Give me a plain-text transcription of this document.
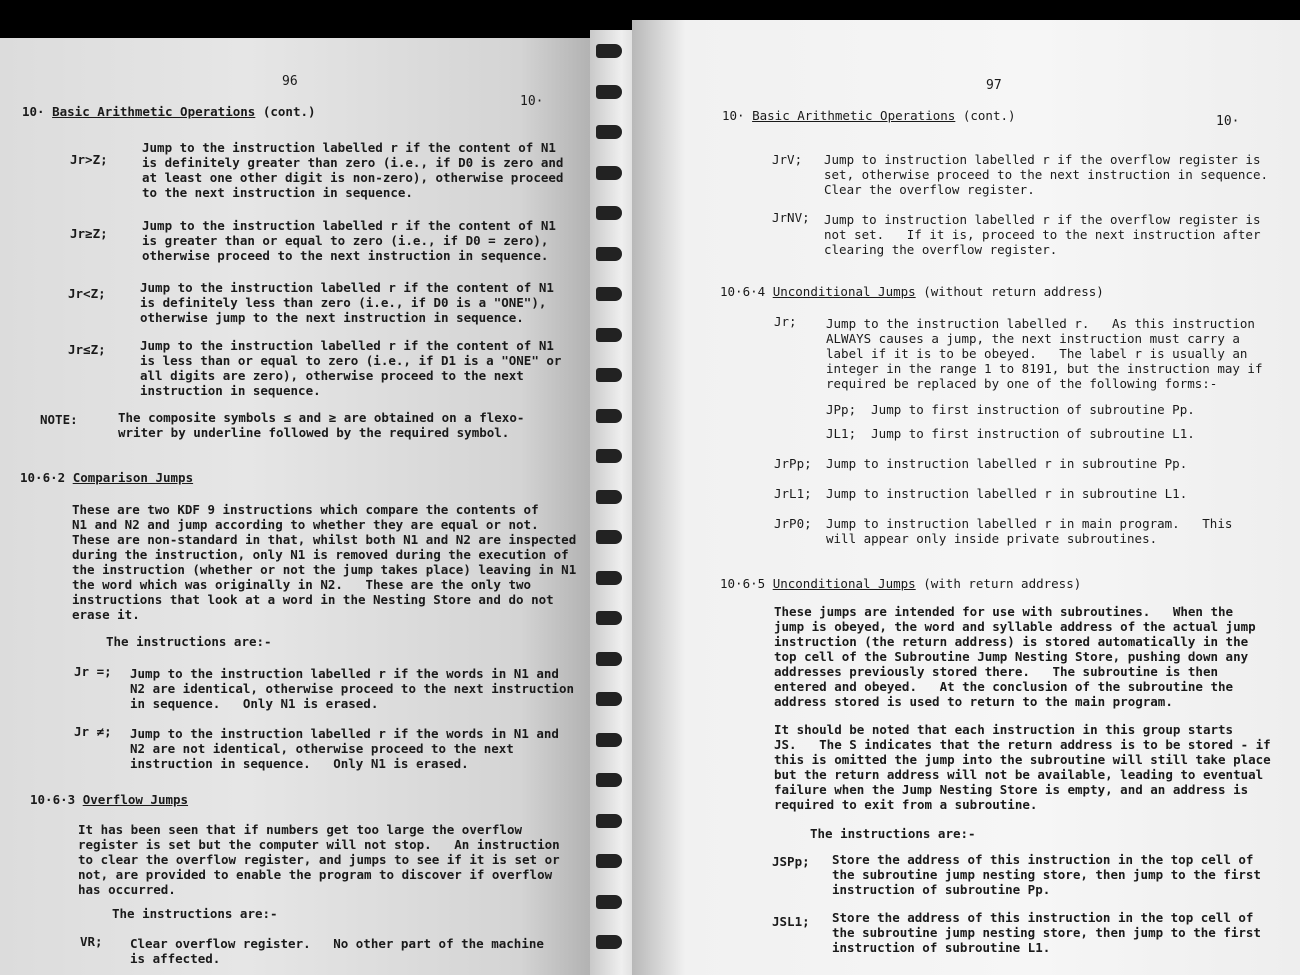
96
10·
10· Basic Arithmetic Operations (cont.)
Jr>Z;
Jump to the instruction labelled r if the content of N1
is definitely greater than zero (i.e., if D0 is zero and
at least one other digit is non-zero), otherwise proceed
to the next instruction in sequence.
Jr≥Z;
Jump to the instruction labelled r if the content of N1
is greater than or equal to zero (i.e., if D0 = zero),
otherwise proceed to the next instruction in sequence.
Jr<Z;	Jump to the instruction labelled r if the content of N1
is definitely less than zero (i.e., if D0 is a "ONE"),
otherwise jump to the next instruction in sequence.
Jr≤Z;	Jump to the instruction labelled r if the content of N1
is less than or equal to zero (i.e., if D1 is a "ONE" or
all digits are zero), otherwise proceed to the next
instruction in sequence.
NOTE:	The composite symbols ≤ and ≥ are obtained on a flexo-
writer by underline followed by the required symbol.
10·6·2 Comparison Jumps
These are two KDF 9 instructions which compare the contents of
N1 and N2 and jump according to whether they are equal or not.
These are non-standard in that, whilst both N1 and N2 are inspected
during the instruction, only N1 is removed during the execution of
the instruction (whether or not the jump takes place) leaving in N1
the word which was originally in N2.   These are the only two
instructions that look at a word in the Nesting Store and do not
erase it.
The instructions are:-
Jr =; Jump to the instruction labelled r if the words in N1 and
N2 are identical, otherwise proceed to the next instruction
in sequence.   Only N1 is erased.
Jr ≠; Jump to the instruction labelled r if the words in N1 and
N2 are not identical, otherwise proceed to the next
instruction in sequence.   Only N1 is erased.
10·6·3 Overflow Jumps
It has been seen that if numbers get too large the overflow
register is set but the computer will not stop.   An instruction
to clear the overflow register, and jumps to see if it is set or
not, are provided to enable the program to discover if overflow
has occurred.
The instructions are:-
VR; Clear overflow register.   No other part of the machine
is affected.
97
10·
10· Basic Arithmetic Operations (cont.)
JrV; Jump to instruction labelled r if the overflow register is
set, otherwise proceed to the next instruction in sequence.
Clear the overflow register.
JrNV; Jump to instruction labelled r if the overflow register is
not set.   If it is, proceed to the next instruction after
clearing the overflow register.
10·6·4 Unconditional Jumps (without return address)
Jr; Jump to the instruction labelled r.   As this instruction
ALWAYS causes a jump, the next instruction must carry a
label if it is to be obeyed.   The label r is usually an
integer in the range 1 to 8191, but the instruction may if
required be replaced by one of the following forms:-
JPp;  Jump to first instruction of subroutine Pp.
JL1;  Jump to first instruction of subroutine L1.
JrPp; Jump to instruction labelled r in subroutine Pp.
JrL1; Jump to instruction labelled r in subroutine L1.
JrP0; Jump to instruction labelled r in main program.   This
will appear only inside private subroutines.
10·6·5 Unconditional Jumps (with return address)
These jumps are intended for use with subroutines.   When the
jump is obeyed, the word and syllable address of the actual jump
instruction (the return address) is stored automatically in the
top cell of the Subroutine Jump Nesting Store, pushing down any
addresses previously stored there.   The subroutine is then
entered and obeyed.   At the conclusion of the subroutine the
address stored is used to return to the main program.
It should be noted that each instruction in this group starts
JS.   The S indicates that the return address is to be stored - if
this is omitted the jump into the subroutine will still take place
but the return address will not be available, leading to eventual
failure when the Jump Nesting Store is empty, and an address is
required to exit from a subroutine.
The instructions are:-
JSPp; Store the address of this instruction in the top cell of
the subroutine jump nesting store, then jump to the first
instruction of subroutine Pp.
JSL1; Store the address of this instruction in the top cell of
the subroutine jump nesting store, then jump to the first
instruction of subroutine L1.
